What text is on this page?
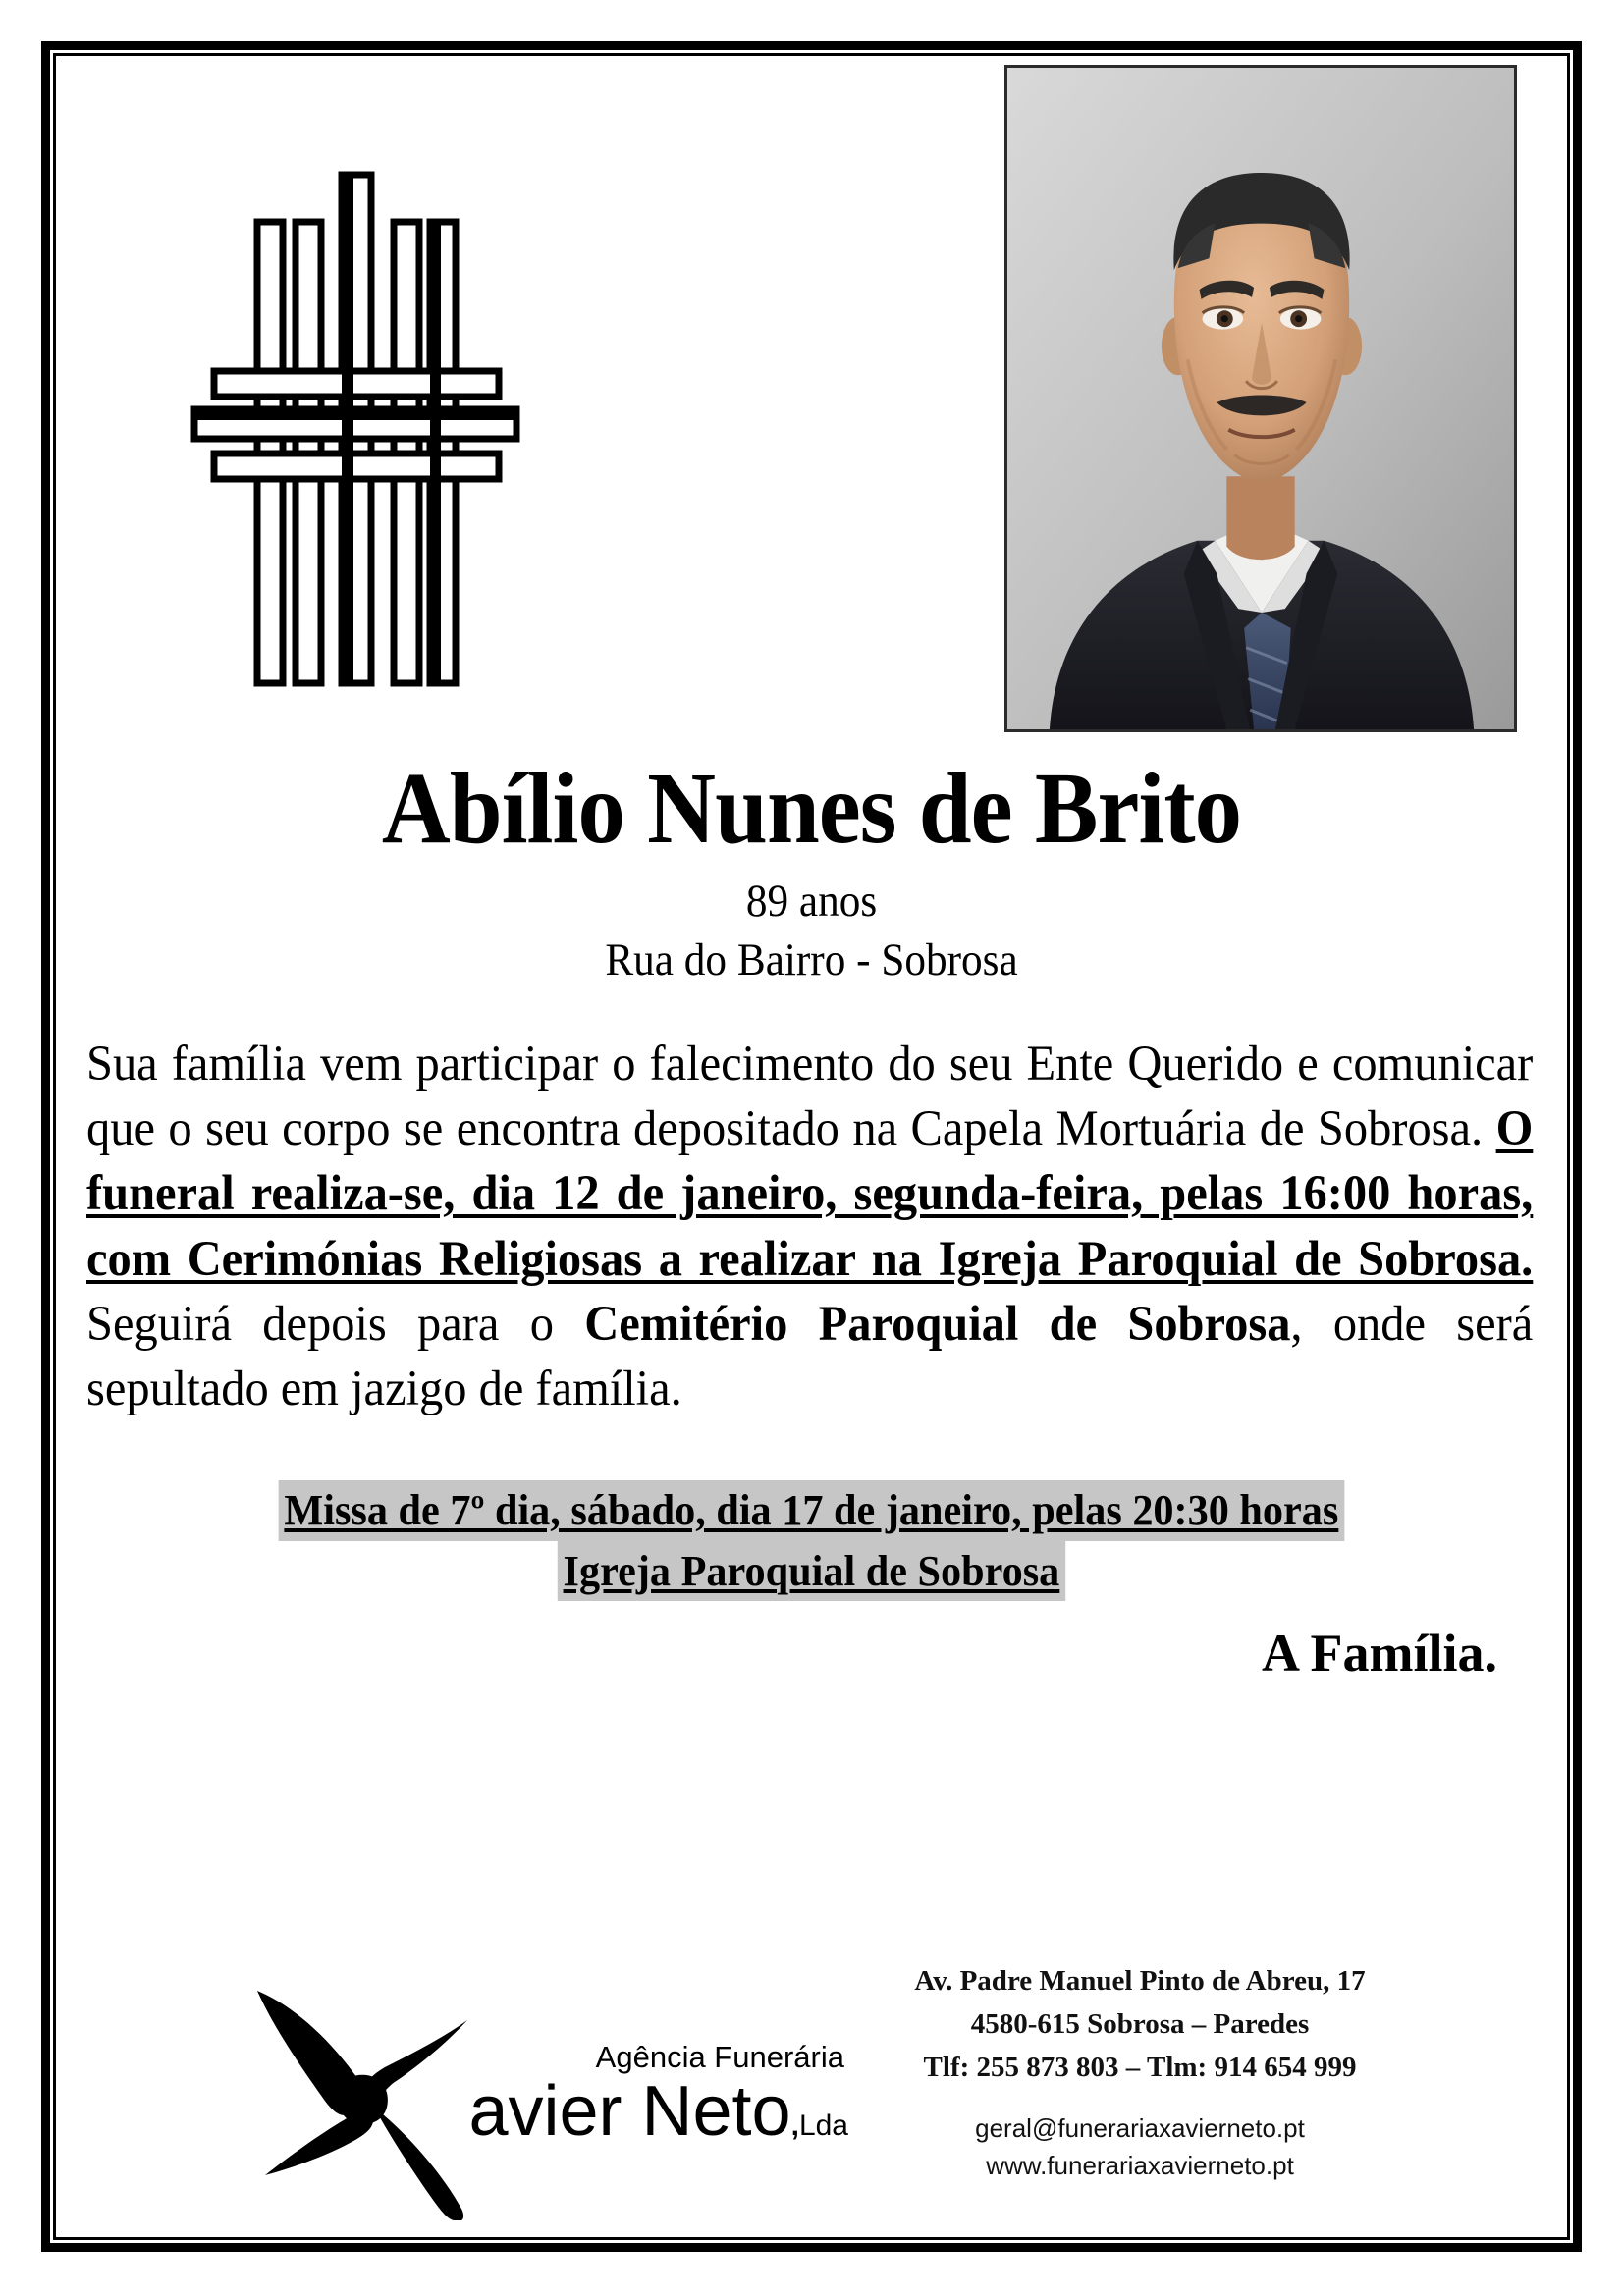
Abílio Nunes de Brito
89 anos
Rua do Bairro - Sobrosa
Sua família vem participar o falecimento do seu Ente Querido e comunicar que o seu corpo se encontra depositado na Capela Mortuária de Sobrosa. O funeral realiza-se, dia 12 de janeiro, segunda-feira, pelas 16:00 horas, com Cerimónias Religiosas a realizar na Igreja Paroquial de Sobrosa. Seguirá depois para o Cemitério Paroquial de Sobrosa, onde será sepultado em jazigo de família.
Missa de 7º dia, sábado, dia 17 de janeiro, pelas 20:30 horas
Igreja Paroquial de Sobrosa
A Família.
Agência Funerária
avier Neto,Lda
Av. Padre Manuel Pinto de Abreu, 17
4580-615 Sobrosa – Paredes
Tlf: 255 873 803 – Tlm: 914 654 999
geral@funerariaxavierneto.pt
www.funerariaxavierneto.pt
